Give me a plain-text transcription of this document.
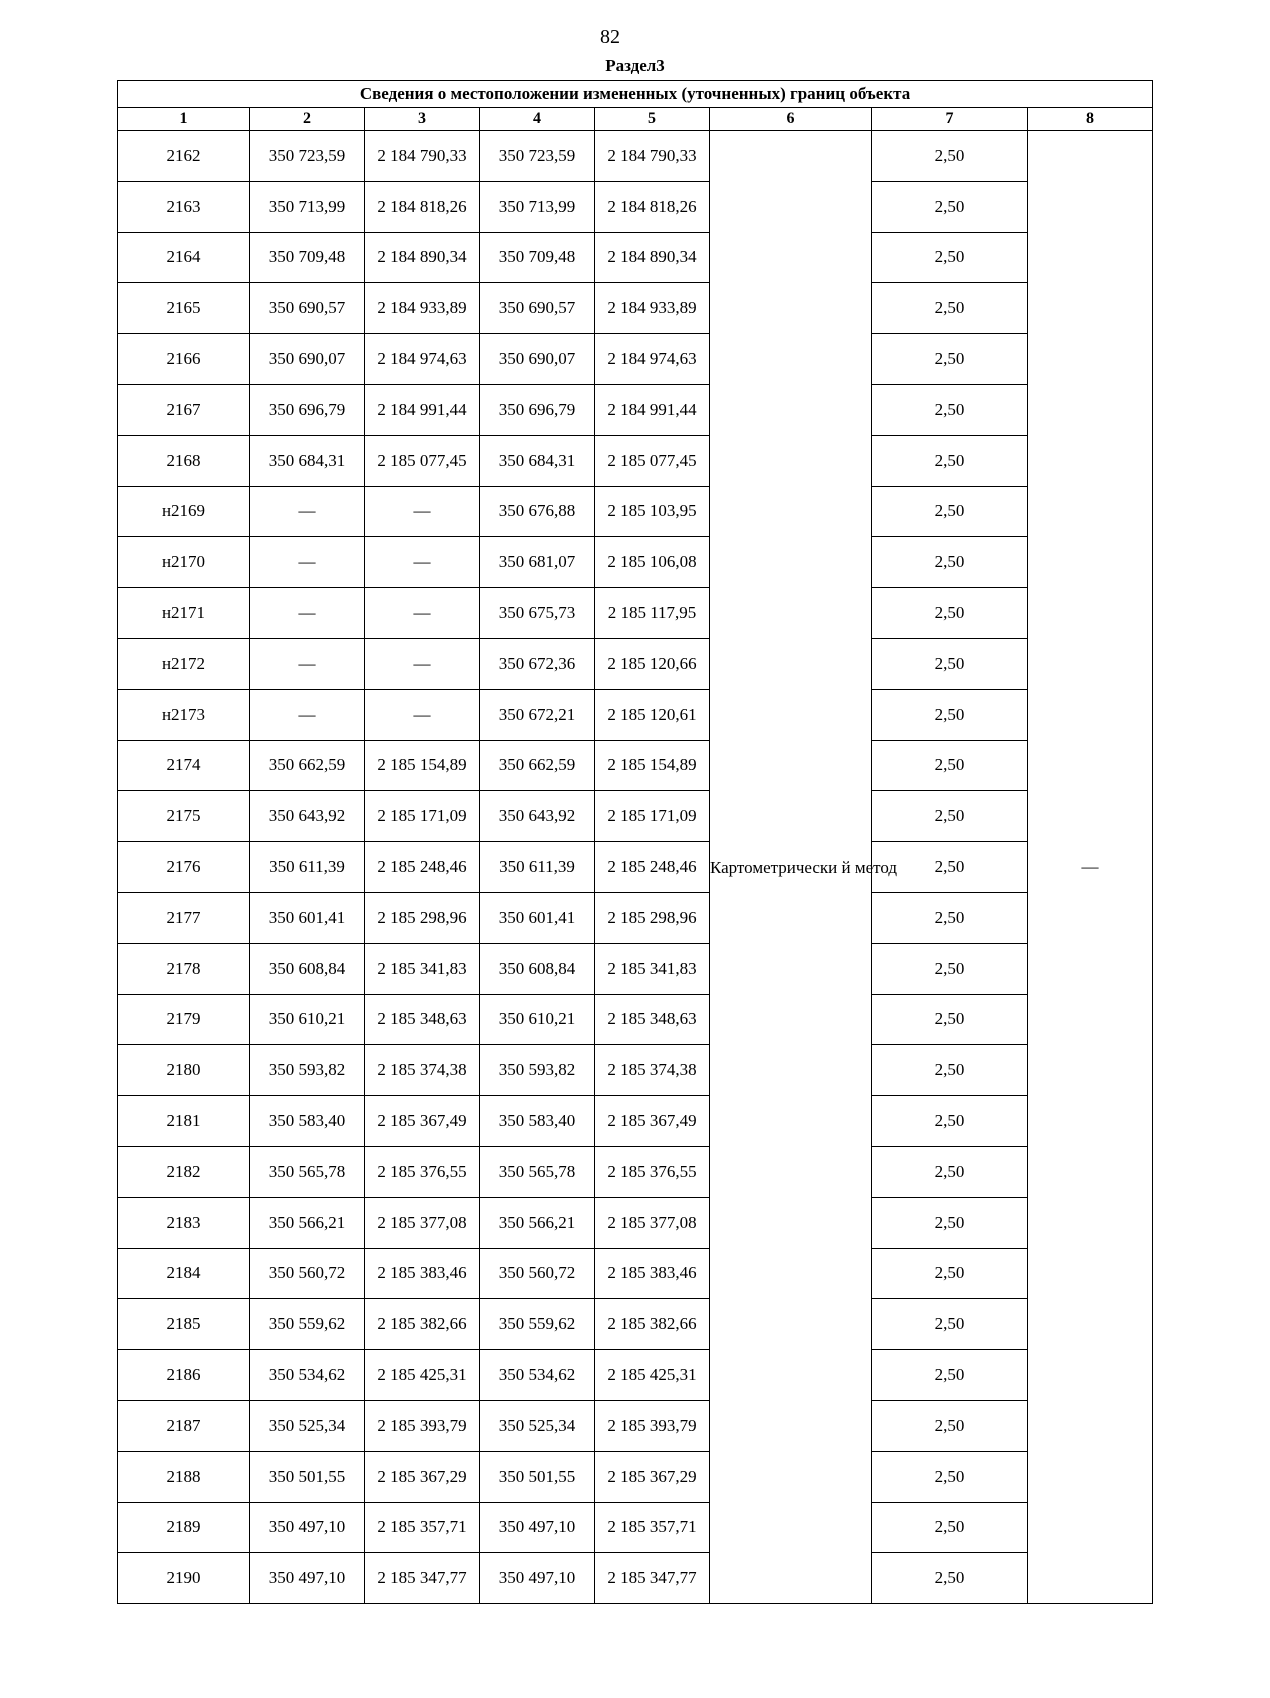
82
Раздел3
Сведения о местоположении измененных (уточненных) границ объекта							
1	2	3	4	5	6	7	8
2162	350 723,59	2 184 790,33	350 723,59	2 184 790,33	Картометрически й метод	2,50	—
2163	350 713,99	2 184 818,26	350 713,99	2 184 818,26		2,50	
2164	350 709,48	2 184 890,34	350 709,48	2 184 890,34		2,50	
2165	350 690,57	2 184 933,89	350 690,57	2 184 933,89		2,50	
2166	350 690,07	2 184 974,63	350 690,07	2 184 974,63		2,50	
2167	350 696,79	2 184 991,44	350 696,79	2 184 991,44		2,50	
2168	350 684,31	2 185 077,45	350 684,31	2 185 077,45		2,50	
н2169	—	—	350 676,88	2 185 103,95		2,50	
н2170	—	—	350 681,07	2 185 106,08		2,50	
н2171	—	—	350 675,73	2 185 117,95		2,50	
н2172	—	—	350 672,36	2 185 120,66		2,50	
н2173	—	—	350 672,21	2 185 120,61		2,50	
2174	350 662,59	2 185 154,89	350 662,59	2 185 154,89		2,50	
2175	350 643,92	2 185 171,09	350 643,92	2 185 171,09		2,50	
2176	350 611,39	2 185 248,46	350 611,39	2 185 248,46		2,50	
2177	350 601,41	2 185 298,96	350 601,41	2 185 298,96		2,50	
2178	350 608,84	2 185 341,83	350 608,84	2 185 341,83		2,50	
2179	350 610,21	2 185 348,63	350 610,21	2 185 348,63		2,50	
2180	350 593,82	2 185 374,38	350 593,82	2 185 374,38		2,50	
2181	350 583,40	2 185 367,49	350 583,40	2 185 367,49		2,50	
2182	350 565,78	2 185 376,55	350 565,78	2 185 376,55		2,50	
2183	350 566,21	2 185 377,08	350 566,21	2 185 377,08		2,50	
2184	350 560,72	2 185 383,46	350 560,72	2 185 383,46		2,50	
2185	350 559,62	2 185 382,66	350 559,62	2 185 382,66		2,50	
2186	350 534,62	2 185 425,31	350 534,62	2 185 425,31		2,50	
2187	350 525,34	2 185 393,79	350 525,34	2 185 393,79		2,50	
2188	350 501,55	2 185 367,29	350 501,55	2 185 367,29		2,50	
2189	350 497,10	2 185 357,71	350 497,10	2 185 357,71		2,50	
2190	350 497,10	2 185 347,77	350 497,10	2 185 347,77		2,50	
